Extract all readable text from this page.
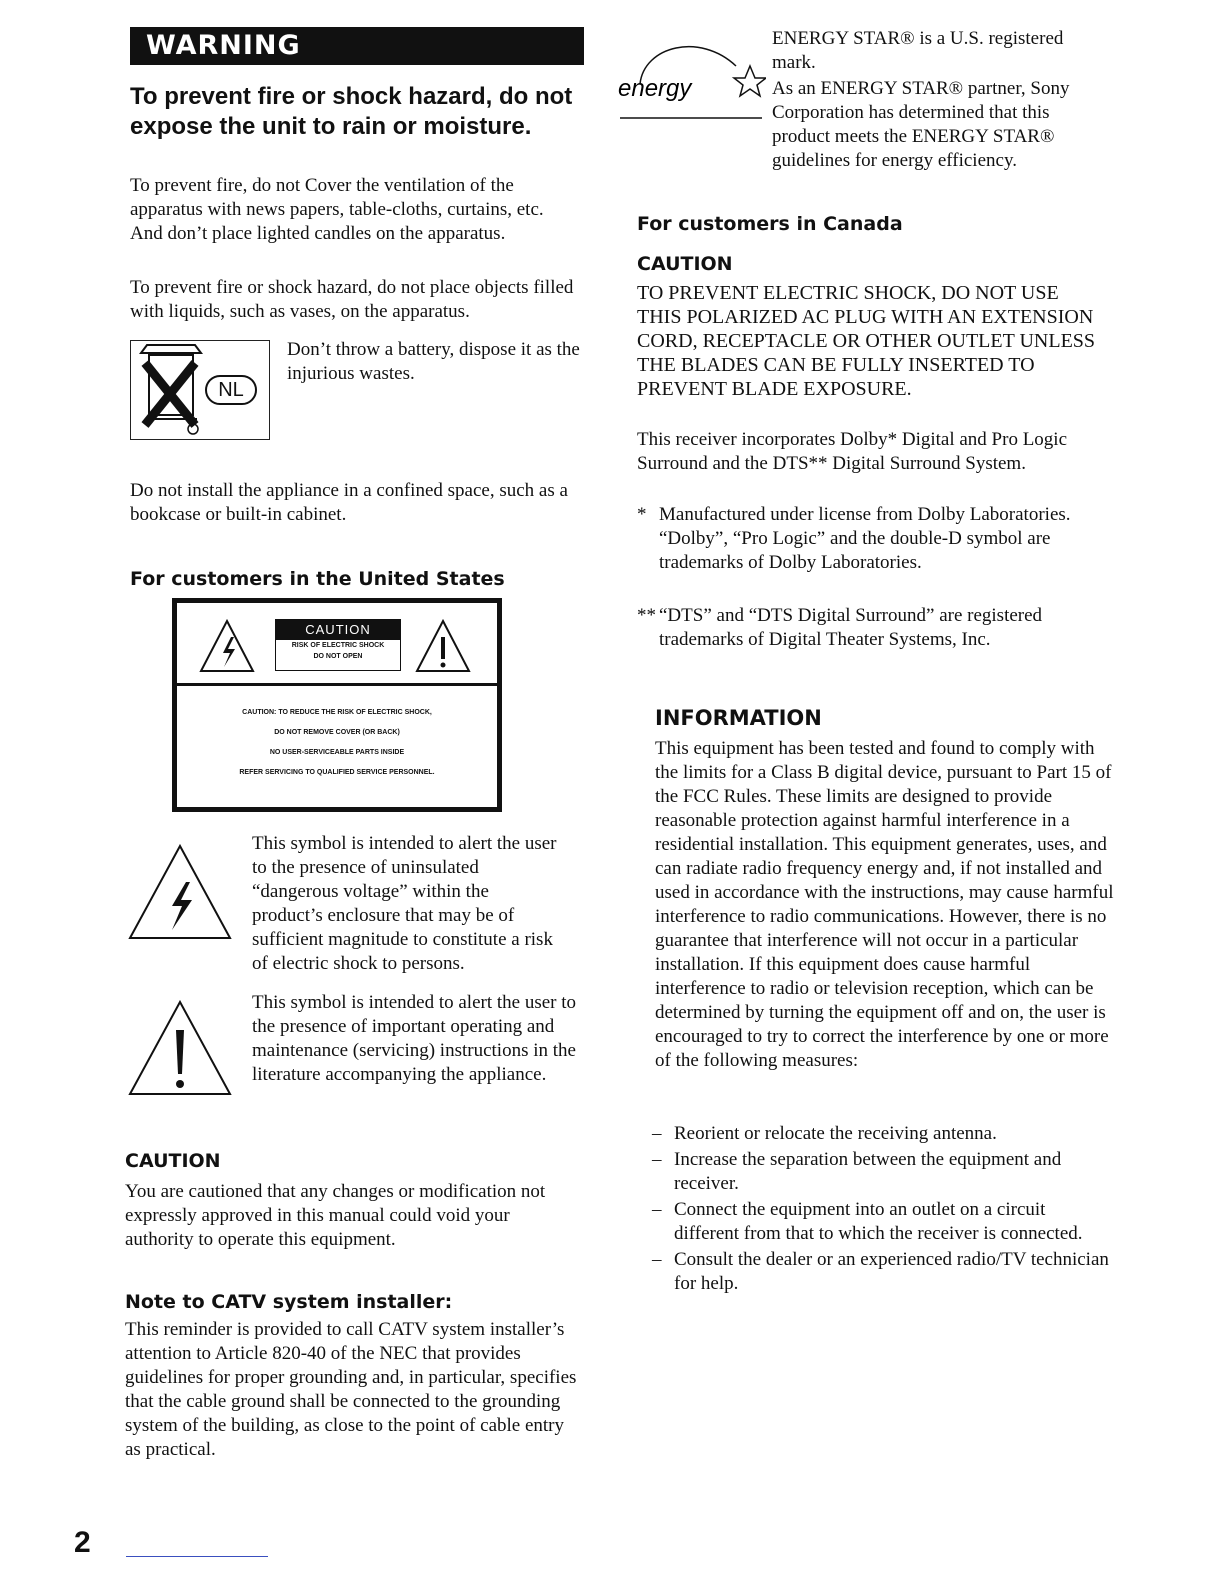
WARNING
To prevent fire or shock hazard, do not expose the unit to rain or moisture.
To prevent fire, do not Cover the ventilation of the apparatus with news papers, table-cloths, curtains, etc. And don’t place lighted candles on the apparatus.
To prevent fire or shock hazard, do not place objects filled with liquids, such as vases, on the apparatus.
NL
Don’t throw a battery, dispose it as the injurious wastes.
Do not install the appliance in a confined space, such as a bookcase or built-in cabinet.
For customers in the United States
CAUTION
RISK OF ELECTRIC SHOCK
DO NOT OPEN
CAUTION: TO REDUCE THE RISK OF ELECTRIC SHOCK,
DO NOT REMOVE COVER (OR BACK)
NO USER-SERVICEABLE PARTS INSIDE
REFER SERVICING TO QUALIFIED SERVICE PERSONNEL.
This symbol is intended to alert the user to the presence of uninsulated “dangerous voltage” within the product’s enclosure that may be of sufficient magnitude to constitute a risk of electric shock to persons.
This symbol is intended to alert the user to the presence of important operating and maintenance (servicing) instructions in the literature accompanying the appliance.
CAUTION
You are cautioned that any changes or modification not expressly approved in this manual could void your authority to operate this equipment.
Note to CATV system installer:
This reminder is provided to call CATV system installer’s attention to Article 820-40 of the NEC that provides guidelines for proper grounding and, in particular, specifies that the cable ground shall be connected to the grounding system of the building, as close to the point of cable entry as practical.
2
energy
ENERGY STAR® is a U.S. registered mark.
As an ENERGY STAR® partner, Sony Corporation has determined that this product meets the ENERGY STAR® guidelines for energy efficiency.
For customers in Canada
CAUTION
TO PREVENT ELECTRIC SHOCK, DO NOT USE THIS POLARIZED AC PLUG WITH AN EXTENSION CORD, RECEPTACLE OR OTHER OUTLET UNLESS THE BLADES CAN BE FULLY INSERTED TO PREVENT BLADE EXPOSURE.
This receiver incorporates Dolby* Digital and Pro Logic Surround and the DTS** Digital Surround System.
* Manufactured under license from Dolby Laboratories.
“Dolby”, “Pro Logic” and the double-D symbol are trademarks of Dolby Laboratories.
** “DTS” and “DTS Digital Surround” are registered trademarks of Digital Theater Systems, Inc.
INFORMATION
This equipment has been tested and found to comply with the limits for a Class B digital device, pursuant to Part 15 of the FCC Rules. These limits are designed to provide reasonable protection against harmful interference in a residential installation. This equipment generates, uses, and can radiate radio frequency energy and, if not installed and used in accordance with the instructions, may cause harmful interference to radio communications. However, there is no guarantee that interference will not occur in a particular installation. If this equipment does cause harmful interference to radio or television reception, which can be determined by turning the equipment off and on, the user is encouraged to try to correct the interference by one or more of the following measures:
– Reorient or relocate the receiving antenna.
– Increase the separation between the equipment and receiver.
– Connect the equipment into an outlet on a circuit different from that to which the receiver is connected.
– Consult the dealer or an experienced radio/TV technician for help.
